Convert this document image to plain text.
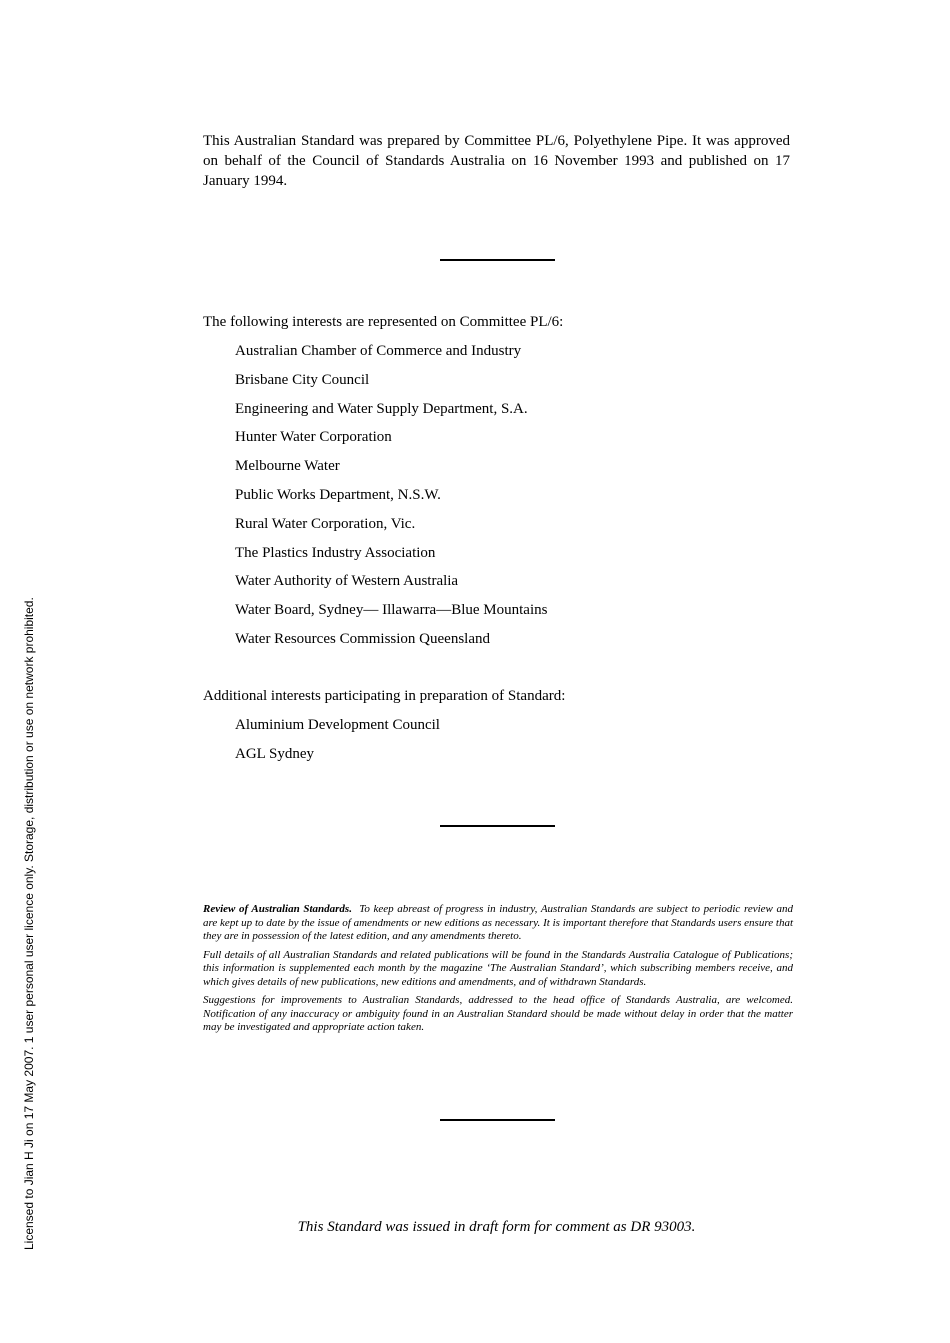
Licensed to Jian H Ji on 17 May 2007. 1 user personal user licence only. Storage, distribution or use on network prohibited.

This Australian Standard was prepared by Committee PL/6, Polyethylene Pipe. It was approved on behalf of the Council of Standards Australia on 16 November 1993 and published on 17 January 1994.

The following interests are represented on Committee PL/6:
Australian Chamber of Commerce and Industry
Brisbane City Council
Engineering and Water Supply Department, S.A.
Hunter Water Corporation
Melbourne Water
Public Works Department, N.S.W.
Rural Water Corporation, Vic.
The Plastics Industry Association
Water Authority of Western Australia
Water Board, Sydney— Illawarra—Blue Mountains
Water Resources Commission Queensland
Additional interests participating in preparation of Standard:
Aluminium Development Council
AGL Sydney

Review of Australian Standards. To keep abreast of progress in industry, Australian Standards are subject to periodic review and are kept up to date by the issue of amendments or new editions as necessary. It is important therefore that Standards users ensure that they are in possession of the latest edition, and any amendments thereto.

Full details of all Australian Standards and related publications will be found in the Standards Australia Catalogue of Publications; this information is supplemented each month by the magazine ‘The Australian Standard’, which subscribing members receive, and which gives details of new publications, new editions and amendments, and of withdrawn Standards.

Suggestions for improvements to Australian Standards, addressed to the head office of Standards Australia, are welcomed. Notification of any inaccuracy or ambiguity found in an Australian Standard should be made without delay in order that the matter may be investigated and appropriate action taken.

This Standard was issued in draft form for comment as DR 93003.
